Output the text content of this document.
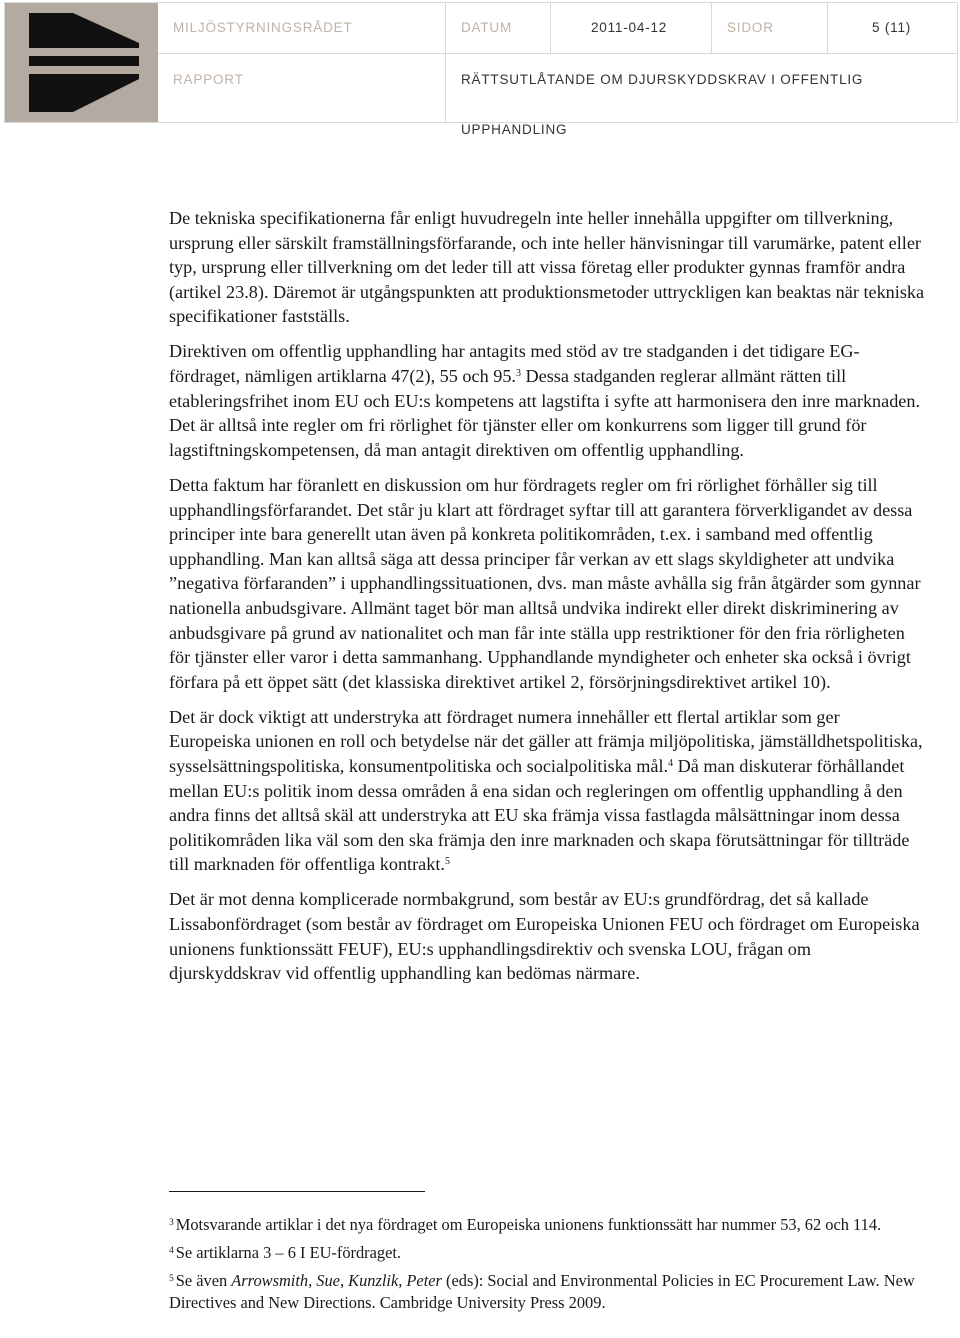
MILJÖSTYRNINGSRÅDET	DATUM	2011-04-12	SIDOR	5 (11)
RAPPORT	RÄTTSUTLÅTANDE OM DJURSKYDDSKRAV I OFFENTLIG UPPHANDLING

De tekniska specifikationerna får enligt huvudregeln inte heller innehålla uppgifter om tillverkning, ursprung eller särskilt framställningsförfarande, och inte heller hänvisningar till varumärke, patent eller typ, ursprung eller tillverkning om det leder till att vissa företag eller produkter gynnas framför andra (artikel 23.8). Däremot är utgångspunkten att produktionsmetoder uttryckligen kan beaktas när tekniska specifikationer fastställs.

Direktiven om offentlig upphandling har antagits med stöd av tre stadganden i det tidigare EG-fördraget, nämligen artiklarna 47(2), 55 och 95.$^3$ Dessa stadganden reglerar allmänt rätten till etableringsfrihet inom EU och EU:s kompetens att lagstifta i syfte att harmonisera den inre marknaden. Det är alltså inte regler om fri rörlighet för tjänster eller om konkurrens som ligger till grund för lagstiftningskompetensen, då man antagit direktiven om offentlig upphandling.

Detta faktum har föranlett en diskussion om hur fördragets regler om fri rörlighet förhåller sig till upphandlingsförfarandet. Det står ju klart att fördraget syftar till att garantera förverkligandet av dessa principer inte bara generellt utan även på konkreta politikområden, t.ex. i samband med offentlig upphandling. Man kan alltså säga att dessa principer får verkan av ett slags skyldigheter att undvika ”negativa förfaranden” i upphandlingssituationen, dvs. man måste avhålla sig från åtgärder som gynnar nationella anbudsgivare. Allmänt taget bör man alltså undvika indirekt eller direkt diskriminering av anbudsgivare på grund av nationalitet och man får inte ställa upp restriktioner för den fria rörligheten för tjänster eller varor i detta sammanhang. Upphandlande myndigheter och enheter ska också i övrigt förfara på ett öppet sätt (det klassiska direktivet artikel 2, försörjningsdirektivet artikel 10).

Det är dock viktigt att understryka att fördraget numera innehåller ett flertal artiklar som ger Europeiska unionen en roll och betydelse när det gäller att främja miljöpolitiska, jämställdhetspolitiska, sysselsättningspolitiska, konsumentpolitiska och socialpolitiska mål.$^4$ Då man diskuterar förhållandet mellan EU:s politik inom dessa områden å ena sidan och regleringen om offentlig upphandling å den andra finns det alltså skäl att understryka att EU ska främja vissa fastlagda målsättningar inom dessa politikområden lika väl som den ska främja den inre marknaden och skapa förutsättningar för tillträde till marknaden för offentliga kontrakt.$^5$

Det är mot denna komplicerade normbakgrund, som består av EU:s grundfördrag, det så kallade Lissabonfördraget (som består av fördraget om Europeiska Unionen FEU och fördraget om Europeiska unionens funktionssätt FEUF), EU:s upphandlingsdirektiv och svenska LOU, frågan om djurskyddskrav vid offentlig upphandling kan bedömas närmare.

$^3$ Motsvarande artiklar i det nya fördraget om Europeiska unionens funktionssätt har nummer 53, 62 och 114.

$^4$ Se artiklarna 3 – 6 I EU-fördraget.

$^5$ Se även Arrowsmith, Sue, Kunzlik, Peter (eds): Social and Environmental Policies in EC Procurement Law. New Directives and New Directions. Cambridge University Press 2009.
